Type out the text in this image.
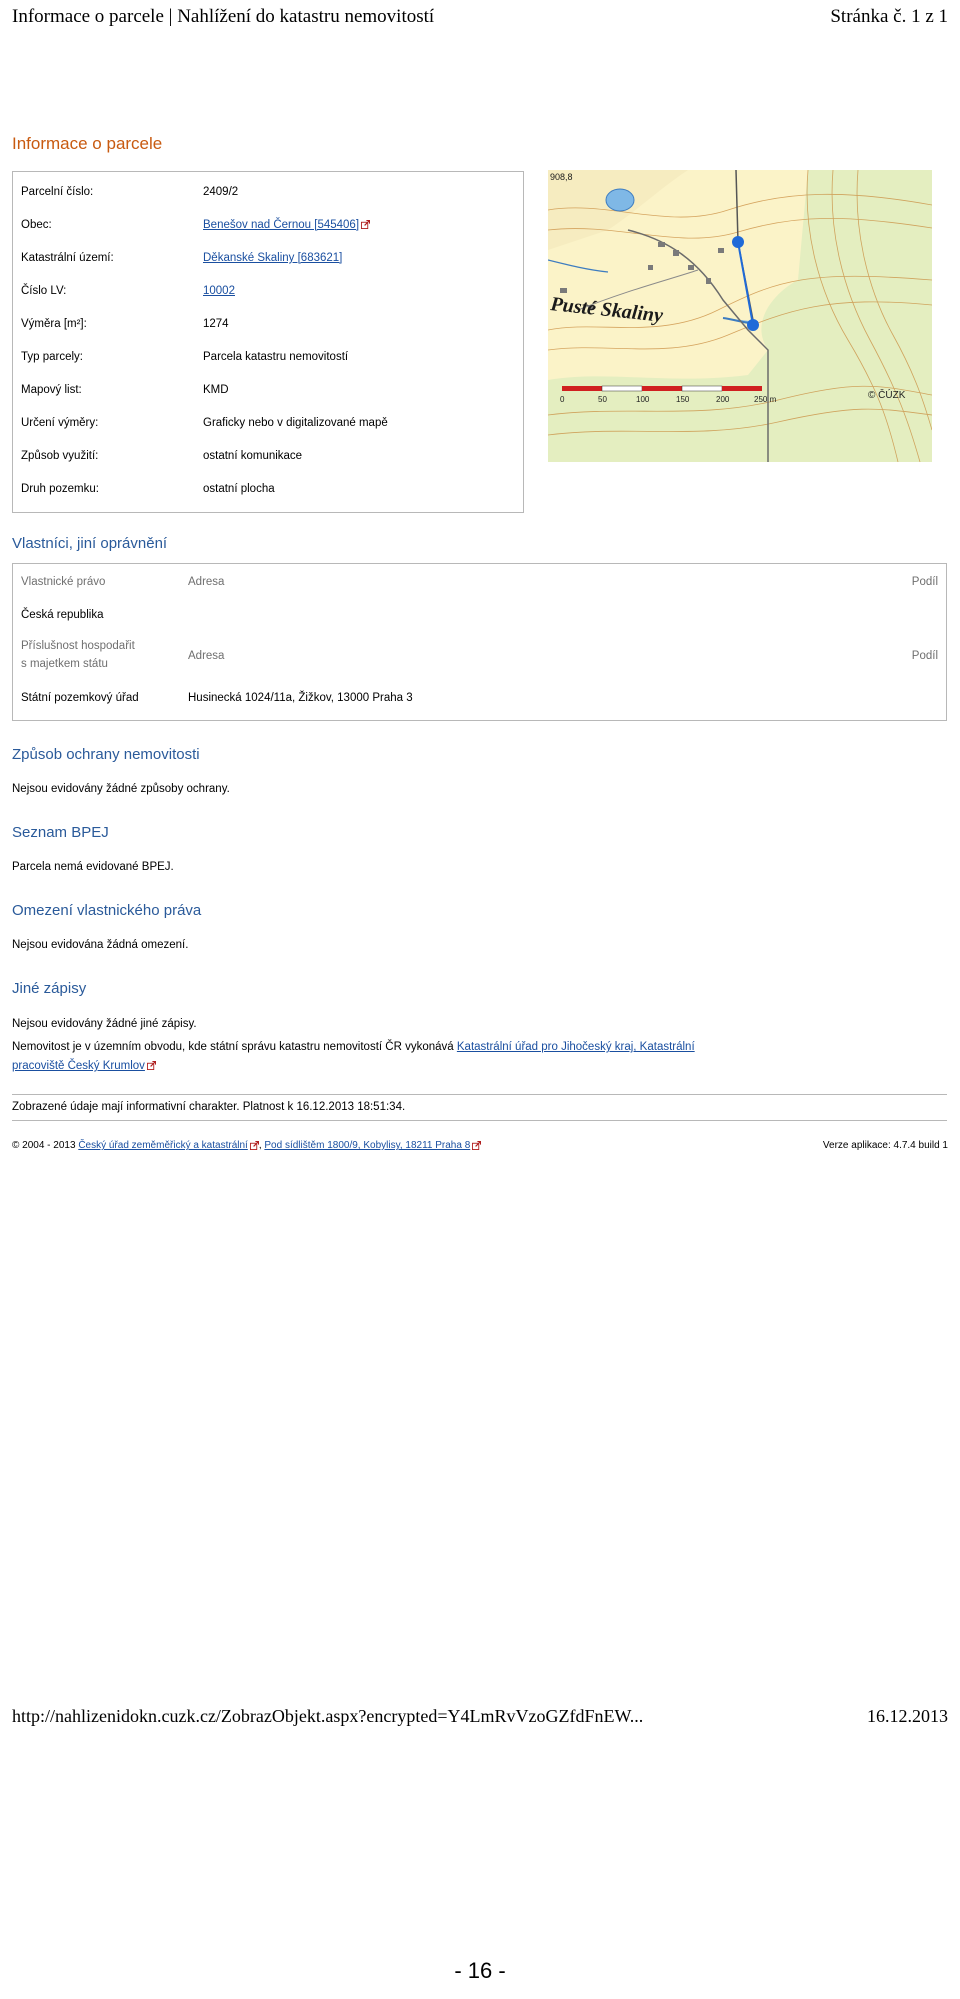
Informace o parcele | Nahlížení do katastru nemovitostí	Stránka č. 1 z 1
Informace o parcele
Parcelní číslo:	2409/2
Obec:	Benešov nad Černou [545406]
Katastrální území:	Děkanské Skaliny [683621]
Číslo LV:	10002
Výměra [m²]:	1274
Typ parcely:	Parcela katastru nemovitostí
Mapový list:	KMD
Určení výměry:	Graficky nebo v digitalizované mapě
Způsob využití:	ostatní komunikace
Druh pozemku:	ostatní plocha
Pusté Skaliny
908,8
0	50	100	150	200	250 m	© ČÚZK
Vlastníci, jiní oprávnění
Vlastnické právo	Adresa	Podíl
Česká republika
Příslušnost hospodařit
s majetkem státu
Adresa	Podíl
Státní pozemkový úřad	Husinecká 1024/11a, Žižkov, 13000 Praha 3
Způsob ochrany nemovitosti

Nejsou evidovány žádné způsoby ochrany.

Seznam BPEJ

Parcela nemá evidované BPEJ.

Omezení vlastnického práva

Nejsou evidována žádná omezení.

Jiné zápisy

Nejsou evidovány žádné jiné zápisy.

Nemovitost je v územním obvodu, kde státní správu katastru nemovitostí ČR vykonává Katastrální úřad pro Jihočeský kraj, Katastrální

pracoviště Český Krumlov

Zobrazené údaje mají informativní charakter. Platnost k 16.12.2013 18:51:34.

© 2004 - 2013 Český úřad zeměměřický a katastrální , Pod sídlištěm 1800/9, Kobylisy, 18211 Praha 8	Verze aplikace: 4.7.4 build 1

http://nahlizenidokn.cuzk.cz/ZobrazObjekt.aspx?encrypted=Y4LmRvVzoGZfdFnEW...	16.12.2013
- 16 -
